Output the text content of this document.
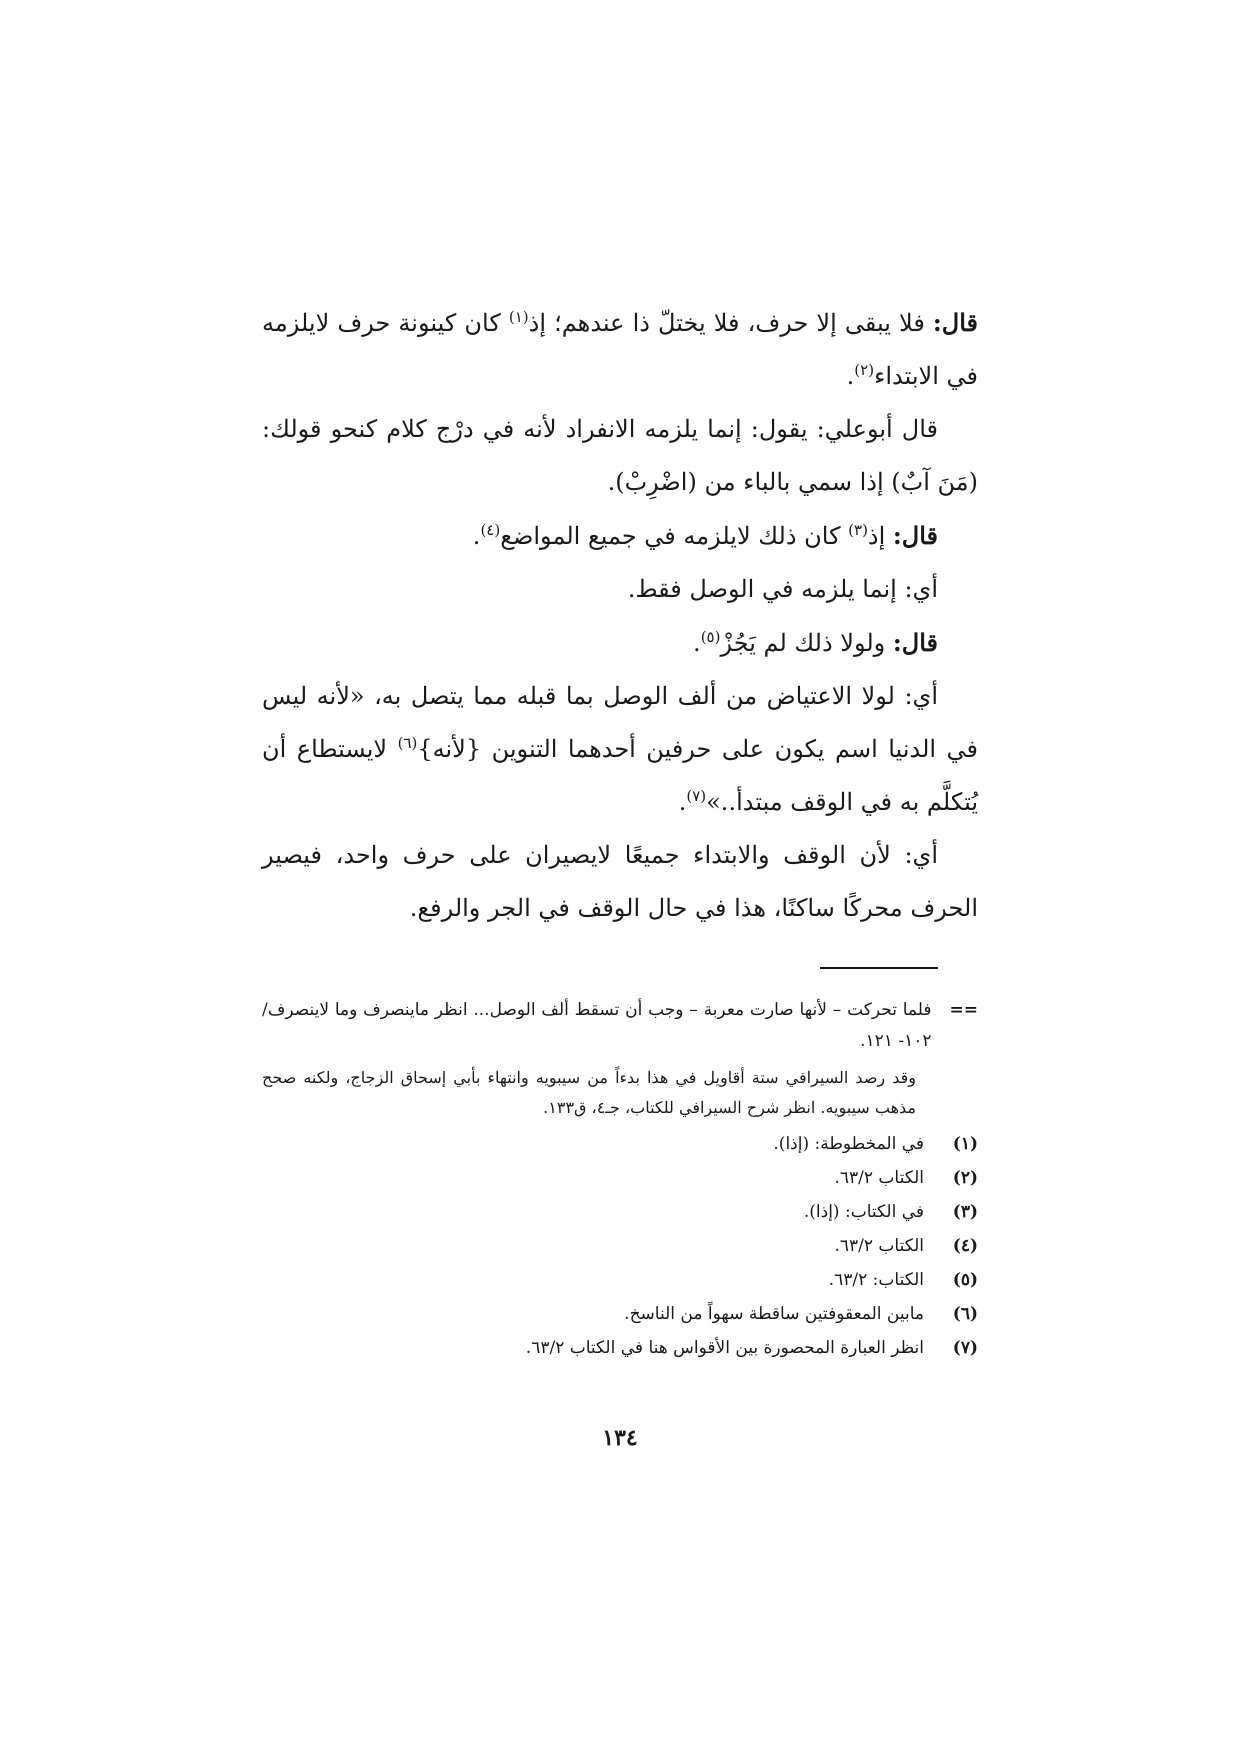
قال: فلا يبقى إلا حرف، فلا يختلّ ذا عندهم؛ إذ$^{(١)}$ كان كينونة حرف لايلزمه في الابتداء$^{(٢)}$.

قال أبوعلي: يقول: إنما يلزمه الانفراد لأنه في درْج كلام كنحو قولك: (مَنَ آبٌ) إذا سمي بالباء من (اضْرِبْ).

قال: إذ$^{(٣)}$ كان ذلك لايلزمه في جميع المواضع$^{(٤)}$.

أي: إنما يلزمه في الوصل فقط.

قال: ولولا ذلك لم يَجُزْ$^{(٥)}$.

أي: لولا الاعتياض من ألف الوصل بما قبله مما يتصل به، «لأنه ليس في الدنيا اسم يكون على حرفين أحدهما التنوين {لأنه}$^{(٦)}$ لايستطاع أن يُتكلَّم به في الوقف مبتدأ..»$^{(٧)}$.

أي: لأن الوقف والابتداء جميعًا لايصيران على حرف واحد، فيصير الحرف محركًا ساكنًا، هذا في حال الوقف في الجر والرفع.

==
فلما تحركت – لأنها صارت معربة – وجب أن تسقط ألف الوصل... انظر ماينصرف وما لاينصرف/ ١٠٢- ١٢١.

وقد رصد السيرافي ستة أقاويل في هذا بدءاً من سيبويه وانتهاء بأبي إسحاق الزجاج، ولكنه صحح مذهب سيبويه. انظر شرح السيرافي للكتاب، جـ٤، ق١٣٣.

(١)
في المخطوطة: (إذا).
(٢)
الكتاب ٦٣/٢.
(٣)
في الكتاب: (إذا).
(٤)
الكتاب ٦٣/٢.
(٥)
الكتاب: ٦٣/٢.
(٦)
مابين المعقوفتين ساقطة سهواً من الناسخ.
(٧)
انظر العبارة المحصورة بين الأقواس هنا في الكتاب ٦٣/٢.
١٣٤
